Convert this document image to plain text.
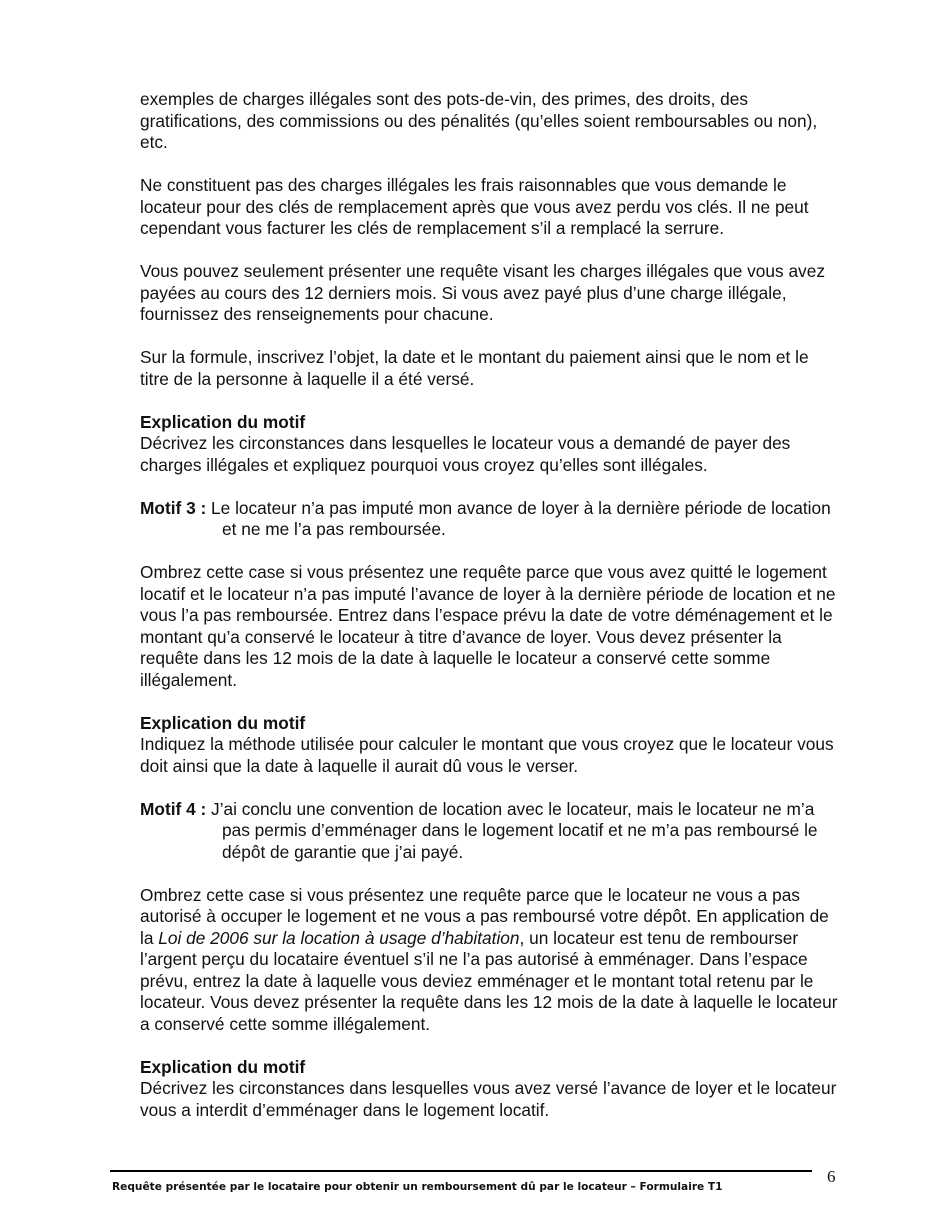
exemples de charges illégales sont des pots-de-vin, des primes, des droits, des gratifications, des commissions ou des pénalités (qu’elles soient remboursables ou non), etc.

Ne constituent pas des charges illégales les frais raisonnables que vous demande le locateur pour des clés de remplacement après que vous avez perdu vos clés. Il ne peut cependant vous facturer les clés de remplacement s’il a remplacé la serrure.

Vous pouvez seulement présenter une requête visant les charges illégales que vous avez payées au cours des 12 derniers mois. Si vous avez payé plus d’une charge illégale, fournissez des renseignements pour chacune.

Sur la formule, inscrivez l’objet, la date et le montant du paiement ainsi que le nom et le titre de la personne à laquelle il a été versé.

Explication du motif
Décrivez les circonstances dans lesquelles le locateur vous a demandé de payer des charges illégales et expliquez pourquoi vous croyez qu’elles sont illégales.

Motif 3 : Le locateur n’a pas imputé mon avance de loyer à la dernière période de location et ne me l’a pas remboursée.

Ombrez cette case si vous présentez une requête parce que vous avez quitté le logement locatif et le locateur n’a pas imputé l’avance de loyer à la dernière période de location et ne vous l’a pas remboursée. Entrez dans l’espace prévu la date de votre déménagement et le montant qu’a conservé le locateur à titre d’avance de loyer. Vous devez présenter la requête dans les 12 mois de la date à laquelle le locateur a conservé cette somme illégalement.

Explication du motif
Indiquez la méthode utilisée pour calculer le montant que vous croyez que le locateur vous doit ainsi que la date à laquelle il aurait dû vous le verser.

Motif 4 : J’ai conclu une convention de location avec le locateur, mais le locateur ne m’a pas permis d’emménager dans le logement locatif et ne m’a pas remboursé le dépôt de garantie que j’ai payé.

Ombrez cette case si vous présentez une requête parce que le locateur ne vous a pas autorisé à occuper le logement et ne vous a pas remboursé votre dépôt. En application de la Loi de 2006 sur la location à usage d’habitation, un locateur est tenu de rembourser l’argent perçu du locataire éventuel s’il ne l’a pas autorisé à emménager. Dans l’espace prévu, entrez la date à laquelle vous deviez emménager et le montant total retenu par le locateur. Vous devez présenter la requête dans les 12 mois de la date à laquelle le locateur a conservé cette somme illégalement.

Explication du motif
Décrivez les circonstances dans lesquelles vous avez versé l’avance de loyer et le locateur vous a interdit d’emménager dans le logement locatif.

Requête présentée par le locataire pour obtenir un remboursement dû par le locateur – Formulaire T1
6
